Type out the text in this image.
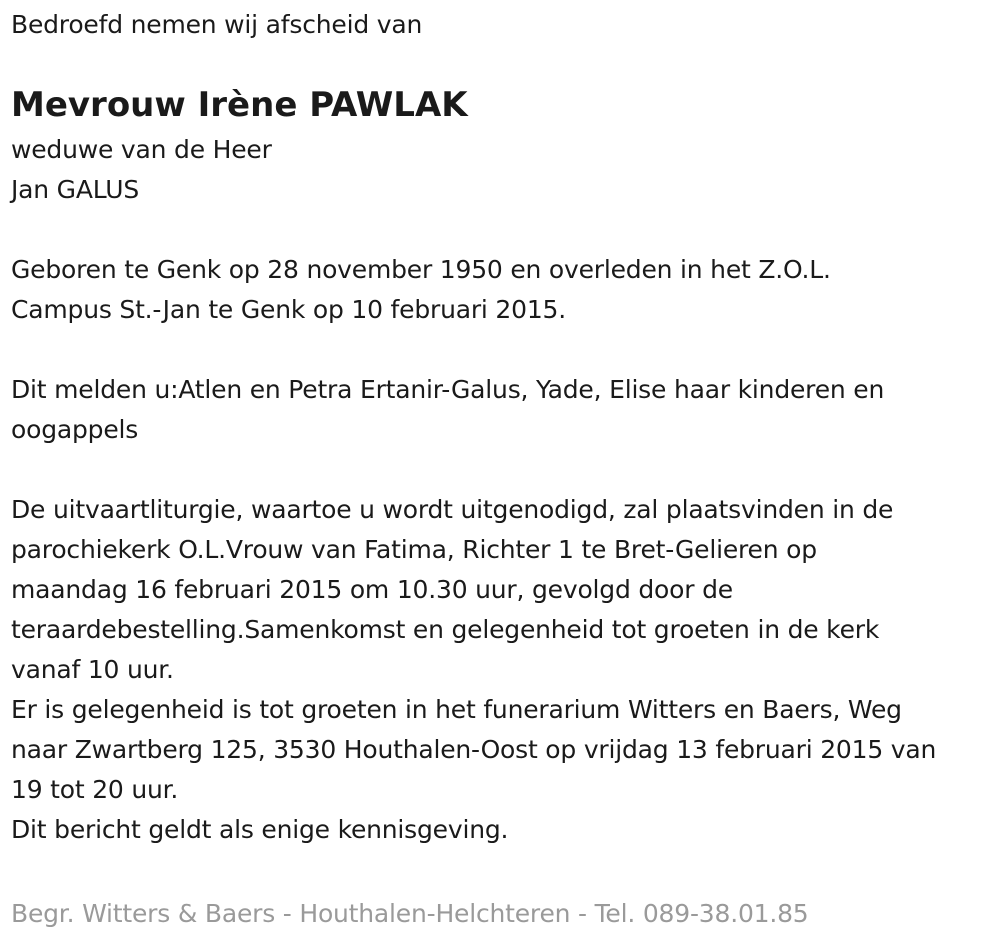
Bedroefd nemen wij afscheid van
Mevrouw Irène PAWLAK
weduwe van de Heer
Jan GALUS
Geboren te Genk op 28 november 1950 en overleden in het Z.O.L.
Campus St.-Jan te Genk op 10 februari 2015.
Dit melden u:Atlen en Petra Ertanir-Galus, Yade, Elise haar kinderen en
oogappels
De uitvaartliturgie, waartoe u wordt uitgenodigd, zal plaatsvinden in de
parochiekerk O.L.Vrouw van Fatima, Richter 1 te Bret-Gelieren op
maandag 16 februari 2015 om 10.30 uur, gevolgd door de
teraardebestelling.Samenkomst en gelegenheid tot groeten in de kerk
vanaf 10 uur.
Er is gelegenheid is tot groeten in het funerarium Witters en Baers, Weg
naar Zwartberg 125, 3530 Houthalen-Oost op vrijdag 13 februari 2015 van
19 tot 20 uur.
Dit bericht geldt als enige kennisgeving.
Begr. Witters & Baers - Houthalen-Helchteren - Tel. 089-38.01.85
